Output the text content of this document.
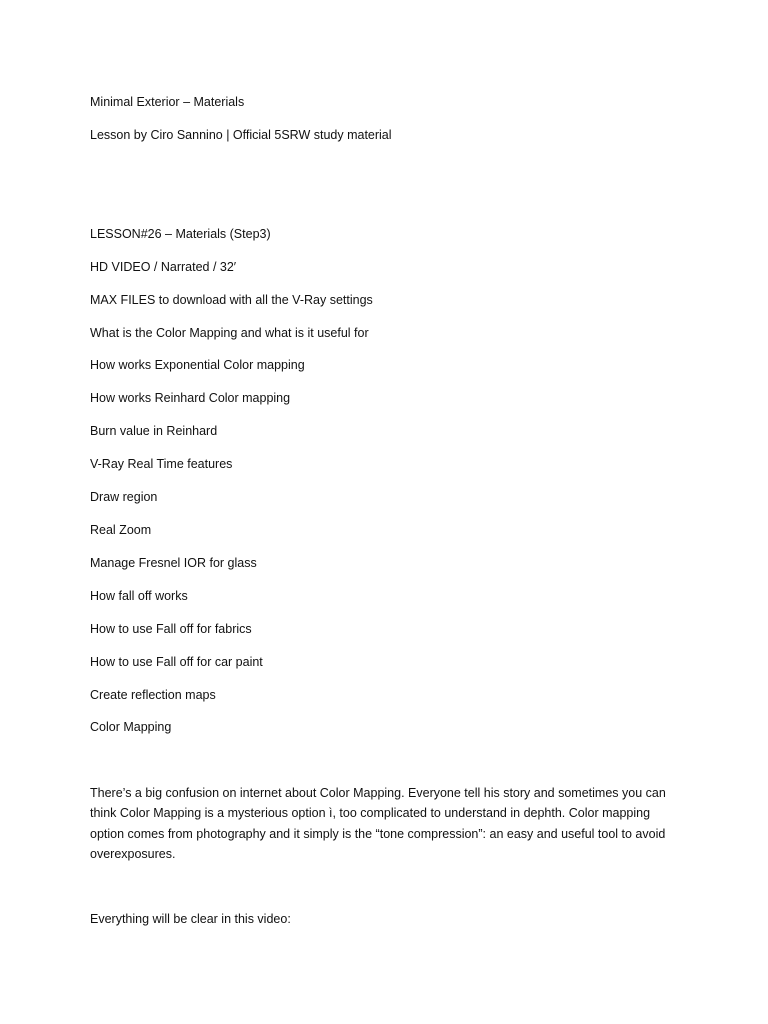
Minimal Exterior – Materials
Lesson by Ciro Sannino | Official 5SRW study material
LESSON#26 – Materials (Step3)
HD VIDEO / Narrated / 32′
MAX FILES to download with all the V-Ray settings
What is the Color Mapping and what is it useful for
How works Exponential Color mapping
How works Reinhard Color mapping
Burn value in Reinhard
V-Ray Real Time features
Draw region
Real Zoom
Manage Fresnel IOR for glass
How fall off works
How to use Fall off for fabrics
How to use Fall off for car paint
Create reflection maps
Color Mapping
There’s a big confusion on internet about Color Mapping. Everyone tell his story and sometimes you can think Color Mapping is a mysterious option ì, too complicated to understand in dephth. Color mapping option comes from photography and it simply is the “tone compression”: an easy and useful tool to avoid overexposures.
Everything will be clear in this video:
